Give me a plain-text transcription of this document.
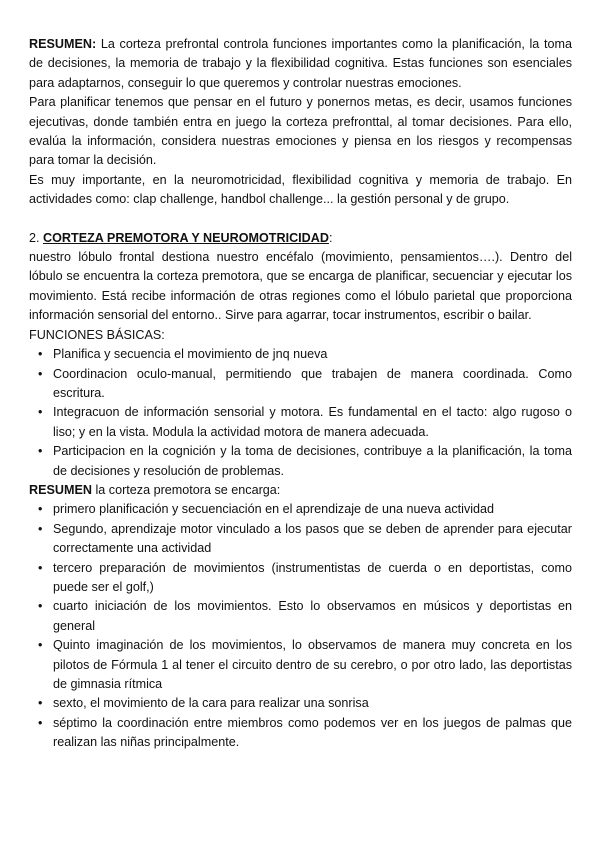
RESUMEN: La corteza prefrontal controla funciones importantes como la planificación, la toma de decisiones, la memoria de trabajo y la flexibilidad cognitiva. Estas funciones son esenciales para adaptarnos, conseguir lo que queremos y controlar nuestras emociones.

Para planificar tenemos que pensar en el futuro y ponernos metas, es decir, usamos funciones ejecutivas, donde también entra en juego la corteza prefronttal, al tomar decisiones. Para ello, evalúa la información, considera nuestras emociones y piensa en los riesgos y recompensas para tomar la decisión.

Es muy importante, en la neuromotricidad, flexibilidad cognitiva y memoria de trabajo. En actividades como: clap challenge, handbol challenge... la gestión personal y de grupo.

2. CORTEZA PREMOTORA Y NEUROMOTRICIDAD:

nuestro lóbulo frontal destiona nuestro encéfalo (movimiento, pensamientos….). Dentro del lóbulo se encuentra la corteza premotora, que se encarga de planificar, secuenciar y ejecutar los movimiento. Está recibe información de otras regiones como el lóbulo parietal que proporciona información sensorial del entorno.. Sirve para agarrar, tocar instrumentos, escribir o bailar.

FUNCIONES BÁSICAS:

• Planifica y secuencia el movimiento de jnq nueva
• Coordinacion oculo-manual, permitiendo que trabajen de manera coordinada. Como escritura.
• Integracuon de información sensorial y motora. Es fundamental en el tacto: algo rugoso o liso; y en la vista. Modula la actividad motora de manera adecuada.
• Participacion en la cognición y la toma de decisiones, contribuye a la planificación, la toma de decisiones y resolución de problemas.

RESUMEN la corteza premotora se encarga:

• primero planificación y secuenciación en el aprendizaje de una nueva actividad
• Segundo, aprendizaje motor vinculado a los pasos que se deben de aprender para ejecutar correctamente una actividad
• tercero preparación de movimientos (instrumentistas de cuerda o en deportistas, como puede ser el golf,)
• cuarto iniciación de los movimientos. Esto lo observamos en músicos y deportistas en general
• Quinto imaginación de los movimientos, lo observamos de manera muy concreta en los pilotos de Fórmula 1 al tener el circuito dentro de su cerebro, o por otro lado, las deportistas de gimnasia rítmica
• sexto, el movimiento de la cara para realizar una sonrisa
• séptimo la coordinación entre miembros como podemos ver en los juegos de palmas que realizan las niñas principalmente.
